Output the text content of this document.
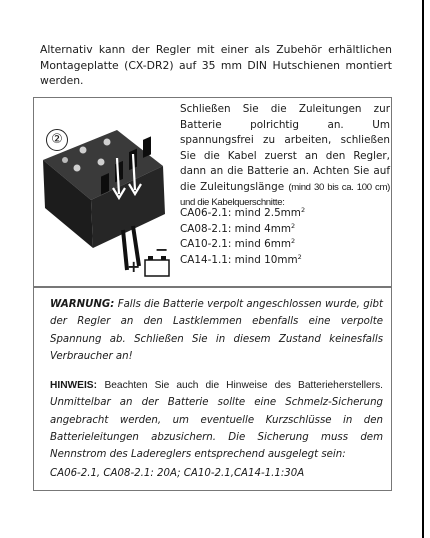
Alternativ kann der Regler mit einer als Zubehör erhältlichen Montageplatte (CX-DR2) auf 35 mm DIN Hutschienen montiert werden.

+
−
②

Schließen Sie die Zuleitungen zur Batterie polrichtig an. Um spannungsfrei zu arbeiten, schließen Sie die Kabel zuerst an den Regler, dann an die Batterie an. Achten Sie auf die Zuleitungslänge (mind 30 bis ca. 100 cm) und die Kabelquerschnitte:

CA06-2.1: mind $2.5mm^2$
CA08-2.1: mind $4mm^2$
CA10-2.1: mind $6mm^2$
CA14-1.1: mind $10mm^2$

WARNUNG: Falls die Batterie verpolt angeschlossen wurde, gibt der Regler an den Lastklemmen ebenfalls eine verpolte Spannung ab. Schließen Sie in diesem Zustand keinesfalls Verbraucher an!

HINWEIS: Beachten Sie auch die Hinweise des Batterieherstellers. Unmittelbar an der Batterie sollte eine Schmelz-Sicherung angebracht werden, um eventuelle Kurzschlüsse in den Batterieleitungen abzusichern. Die Sicherung muss dem Nennstrom des Ladereglers entsprechend ausgelegt sein:

CA06-2.1, CA08-2.1: 20A; CA10-2.1,CA14-1.1:30A
